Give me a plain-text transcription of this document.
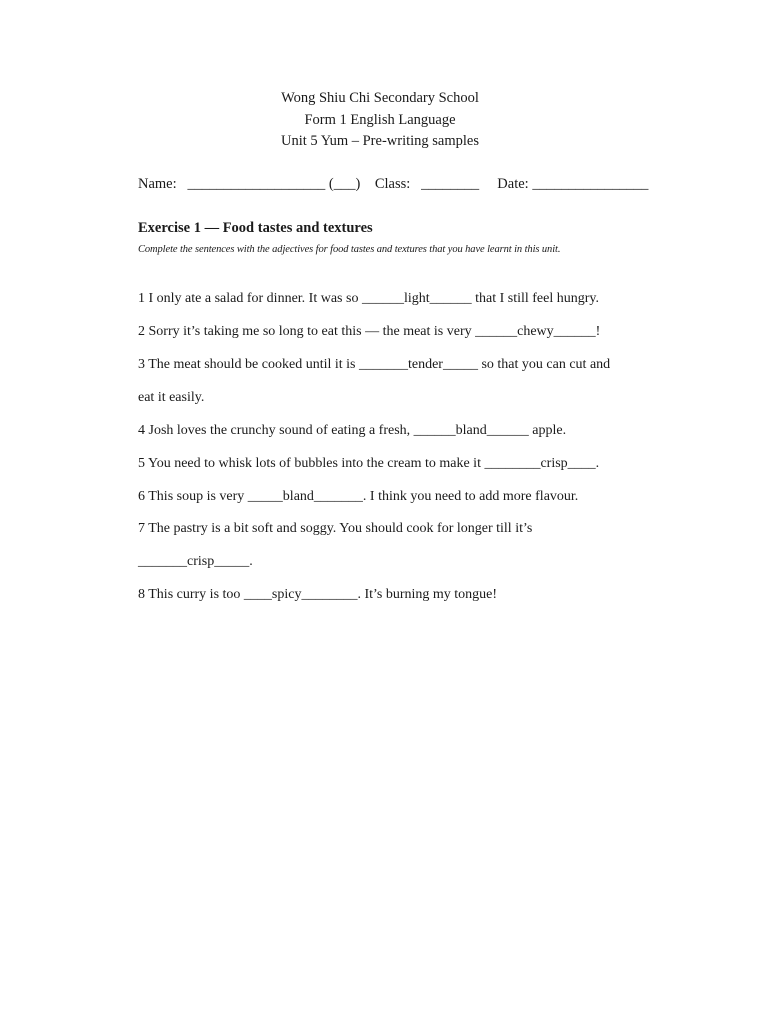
Wong Shiu Chi Secondary School
Form 1 English Language
Unit 5 Yum – Pre-writing samples
Name: ___________________ (___) Class: ________ Date: ________________
Exercise 1 — Food tastes and textures
Complete the sentences with the adjectives for food tastes and textures that you have learnt in this unit.
1 I only ate a salad for dinner. It was so ______light______ that I still feel hungry.
2 Sorry it’s taking me so long to eat this — the meat is very ______chewy______!
3 The meat should be cooked until it is _______tender_____ so that you can cut and
eat it easily.
4 Josh loves the crunchy sound of eating a fresh, ______bland______ apple.
5 You need to whisk lots of bubbles into the cream to make it ________crisp____.
6 This soup is very _____bland_______. I think you need to add more flavour.
7 The pastry is a bit soft and soggy. You should cook for longer till it’s
_______crisp_____.
8 This curry is too ____spicy________. It’s burning my tongue!
